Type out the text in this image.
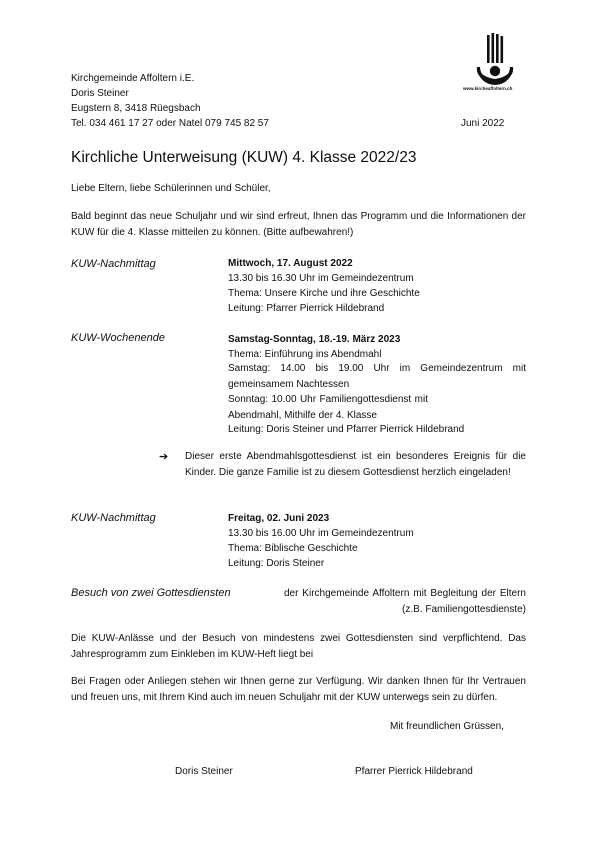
www.kircheaffoltern.ch
Kirchgemeinde Affoltern i.E.
Doris Steiner
Eugstern 8, 3418 Rüegsbach
Tel. 034 461 17 27 oder Natel 079 745 82 57	Juni 2022
Kirchliche Unterweisung (KUW) 4. Klasse 2022/23
Liebe Eltern, liebe Schülerinnen und Schüler,
Bald beginnt das neue Schuljahr und wir sind erfreut, Ihnen das Programm und die Informationen der KUW für die 4. Klasse mitteilen zu können. (Bitte aufbewahren!)
KUW-Nachmittag	Mittwoch, 17. August 2022
13.30 bis 16.30 Uhr im Gemeindezentrum
Thema: Unsere Kirche und ihre Geschichte
Leitung: Pfarrer Pierrick Hildebrand
KUW-Wochenende	Samstag-Sonntag, 18.-19. März 2023
Thema: Einführung ins Abendmahl
Samstag: 14.00 bis 19.00 Uhr im Gemeindezentrum mit gemeinsamem Nachtessen
Sonntag: 10.00 Uhr Familiengottesdienst mit Abendmahl, Mithilfe der 4. Klasse
Leitung: Doris Steiner und Pfarrer Pierrick Hildebrand
➔ Dieser erste Abendmahlsgottesdienst ist ein besonderes Ereignis für die Kinder. Die ganze Familie ist zu diesem Gottesdienst herzlich eingeladen!
KUW-Nachmittag	Freitag, 02. Juni 2023
13.30 bis 16.00 Uhr im Gemeindezentrum
Thema: Biblische Geschichte
Leitung: Doris Steiner
Besuch von zwei Gottesdiensten	der Kirchgemeinde Affoltern mit Begleitung der Eltern (z.B. Familiengottesdienste)
Die KUW-Anlässe und der Besuch von mindestens zwei Gottesdiensten sind verpflichtend. Das Jahresprogramm zum Einkleben im KUW-Heft liegt bei
Bei Fragen oder Anliegen stehen wir Ihnen gerne zur Verfügung. Wir danken Ihnen für Ihr Vertrauen und freuen uns, mit Ihrem Kind auch im neuen Schuljahr mit der KUW unterwegs sein zu dürfen.
Mit freundlichen Grüssen,
Doris Steiner	Pfarrer Pierrick Hildebrand
